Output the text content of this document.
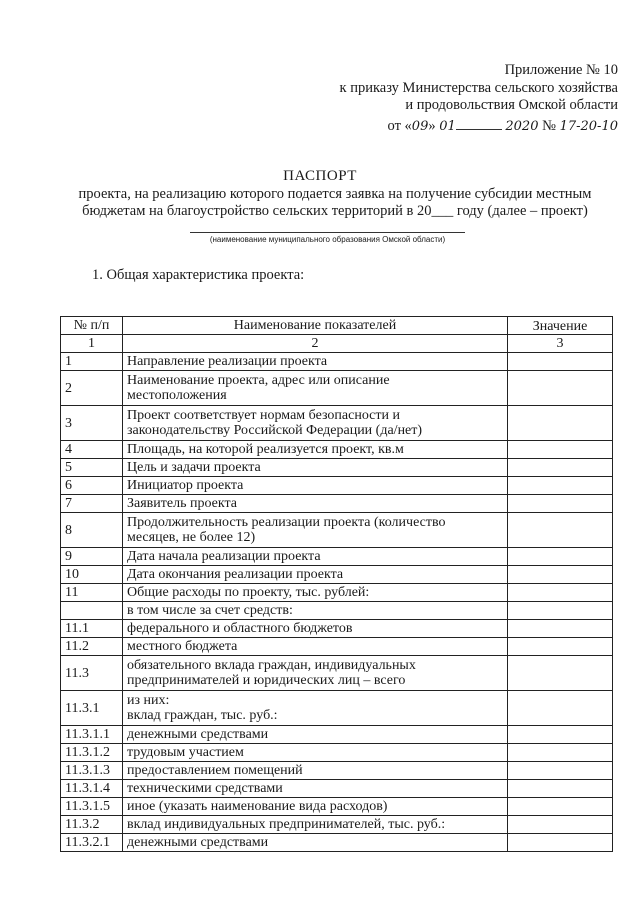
Приложение № 10
к приказу Министерства сельского хозяйства
и продовольствия Омской области
от «09» 01	2020 № 17-20-10
ПАСПОРТ
проекта, на реализацию которого подается заявка на получение субсидии местным
бюджетам на благоустройство сельских территорий в 20___ году (далее – проект)
(наименование муниципального образования Омской области)
1. Общая характеристика проекта:
№ п/п	Наименование показателей	Значение
1	2	3
1	Направление реализации проекта	

2	Наименование проекта, адрес или описание
местоположения	

3	Проект соответствует нормам безопасности и
законодательству Российской Федерации (да/нет)	

4	Площадь, на которой реализуется проект, кв.м	

5	Цель и задачи проекта	

6	Инициатор проекта	

7	Заявитель проекта	

8	Продолжительность реализации проекта (количество
месяцев, не более 12)	

9	Дата начала реализации проекта	

10	Дата окончания реализации проекта	

11	Общие расходы по проекту, тыс. рублей:	

	в том числе за счет средств:	

11.1	федерального и областного бюджетов	

11.2	местного бюджета	

11.3	обязательного вклада граждан, индивидуальных
предпринимателей и юридических лиц – всего	

11.3.1	из них:
вклад граждан, тыс. руб.:	

11.3.1.1	денежными средствами	

11.3.1.2	трудовым участием	

11.3.1.3	предоставлением помещений	

11.3.1.4	техническими средствами	

11.3.1.5	иное (указать наименование вида расходов)	

11.3.2	вклад индивидуальных предпринимателей, тыс. руб.:	

11.3.2.1	денежными средствами	
